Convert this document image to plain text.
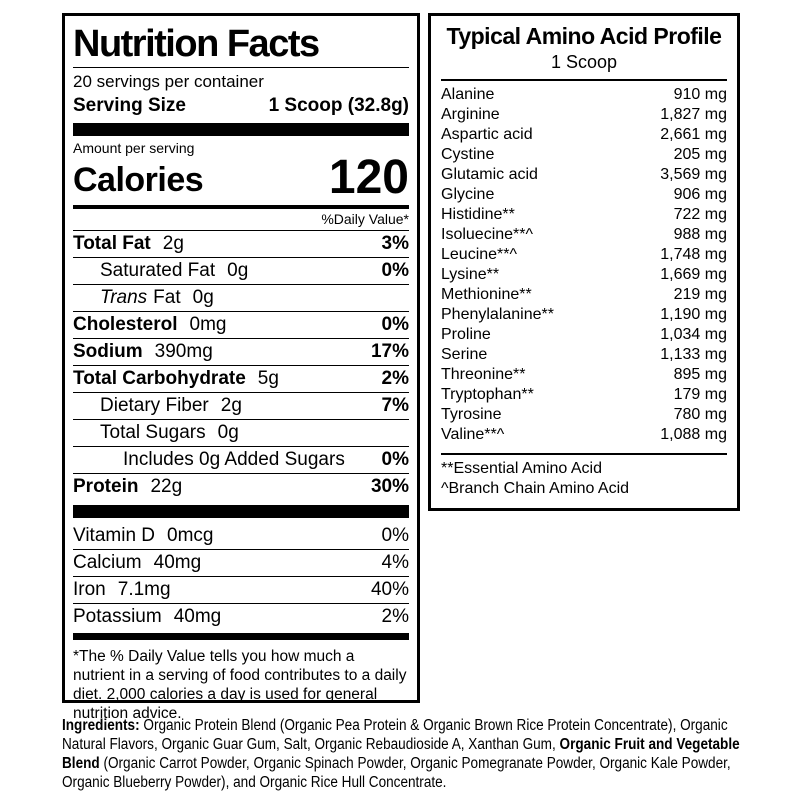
Nutrition Facts
20 servings per container
Serving Size	1 Scoop (32.8g)
Amount per serving
Calories	120
%Daily Value*
Total Fat 2g	3%
Saturated Fat 0g	0%
Trans Fat 0g
Cholesterol 0mg	0%
Sodium 390mg	17%
Total Carbohydrate 5g	2%
Dietary Fiber 2g	7%
Total Sugars 0g
Includes 0g Added Sugars 0%
Protein 22g	30%
Vitamin D 0mcg	0%
Calcium 40mg	4%
Iron 7.1mg	40%
Potassium 40mg	2%

*The % Daily Value tells you how much a nutrient in a serving of food contributes to a daily diet. 2,000 calories a day is used for general nutrition advice.

Typical Amino Acid Profile
1 Scoop
Alanine	910 mg
Arginine	1,827 mg
Aspartic acid	2,661 mg
Cystine	205 mg
Glutamic acid	3,569 mg
Glycine	906 mg
Histidine**	722 mg
Isoluecine**^	988 mg
Leucine**^	1,748 mg
Lysine**	1,669 mg
Methionine**	219 mg
Phenylalanine**	1,190 mg
Proline	1,034 mg
Serine	1,133 mg
Threonine**	895 mg
Tryptophan**	179 mg
Tyrosine	780 mg
Valine**^	1,088 mg
**Essential Amino Acid
^Branch Chain Amino Acid

Ingredients: Organic Protein Blend (Organic Pea Protein & Organic Brown Rice Protein Concentrate), Organic Natural Flavors, Organic Guar Gum, Salt, Organic Rebaudioside A, Xanthan Gum, Organic Fruit and Vegetable Blend (Organic Carrot Powder, Organic Spinach Powder, Organic Pomegranate Powder, Organic Kale Powder, Organic Blueberry Powder), and Organic Rice Hull Concentrate.
